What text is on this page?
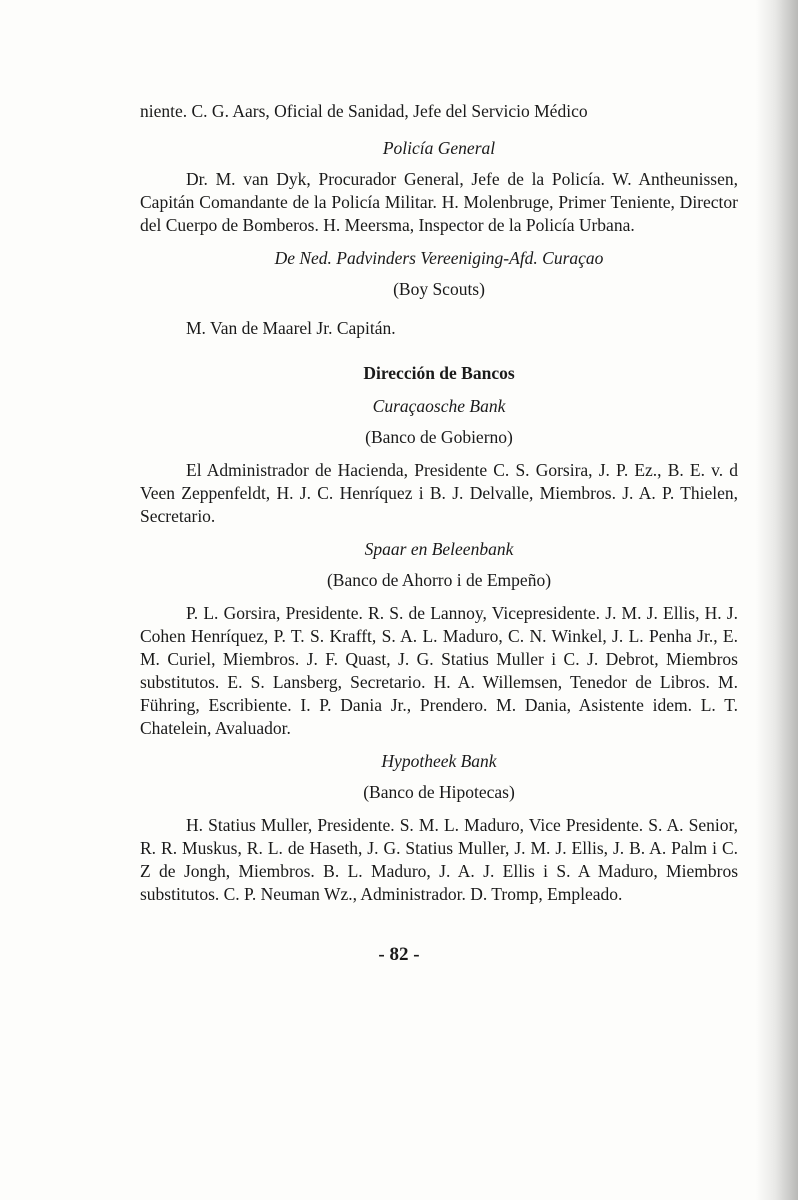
niente. C. G. Aars, Oficial de Sanidad, Jefe del Servicio Médico

Policía General

Dr. M. van Dyk, Procurador General, Jefe de la Policía. W. Antheunissen, Capitán Comandante de la Policía Militar. H. Molenbruge, Primer Teniente, Director del Cuerpo de Bomberos. H. Meersma, Inspector de la Policía Urbana.

De Ned. Padvinders Vereeniging-Afd. Curaçao
(Boy Scouts)

M. Van de Maarel Jr. Capitán.

Dirección de Bancos
Curaçaosche Bank
(Banco de Gobierno)

El Administrador de Hacienda, Presidente C. S. Gorsira, J. P. Ez., B. E. v. d Veen Zeppenfeldt, H. J. C. Henríquez i B. J. Delvalle, Miembros. J. A. P. Thielen, Secretario.

Spaar en Beleenbank
(Banco de Ahorro i de Empeño)

P. L. Gorsira, Presidente. R. S. de Lannoy, Vicepresidente. J. M. J. Ellis, H. J. Cohen Henríquez, P. T. S. Krafft, S. A. L. Maduro, C. N. Winkel, J. L. Penha Jr., E. M. Curiel, Miembros. J. F. Quast, J. G. Statius Muller i C. J. Debrot, Miembros substitutos. E. S. Lansberg, Secretario. H. A. Willemsen, Tenedor de Libros. M. Führing, Escribiente. I. P. Dania Jr., Prendero. M. Dania, Asistente idem. L. T. Chatelein, Avaluador.

Hypotheek Bank
(Banco de Hipotecas)

H. Statius Muller, Presidente. S. M. L. Maduro, Vice Presidente. S. A. Senior, R. R. Muskus, R. L. de Haseth, J. G. Statius Muller, J. M. J. Ellis, J. B. A. Palm i C. Z de Jongh, Miembros. B. L. Maduro, J. A. J. Ellis i S. A Maduro, Miembros substitutos. C. P. Neuman Wz., Administrador. D. Tromp, Empleado.

- 82 -
